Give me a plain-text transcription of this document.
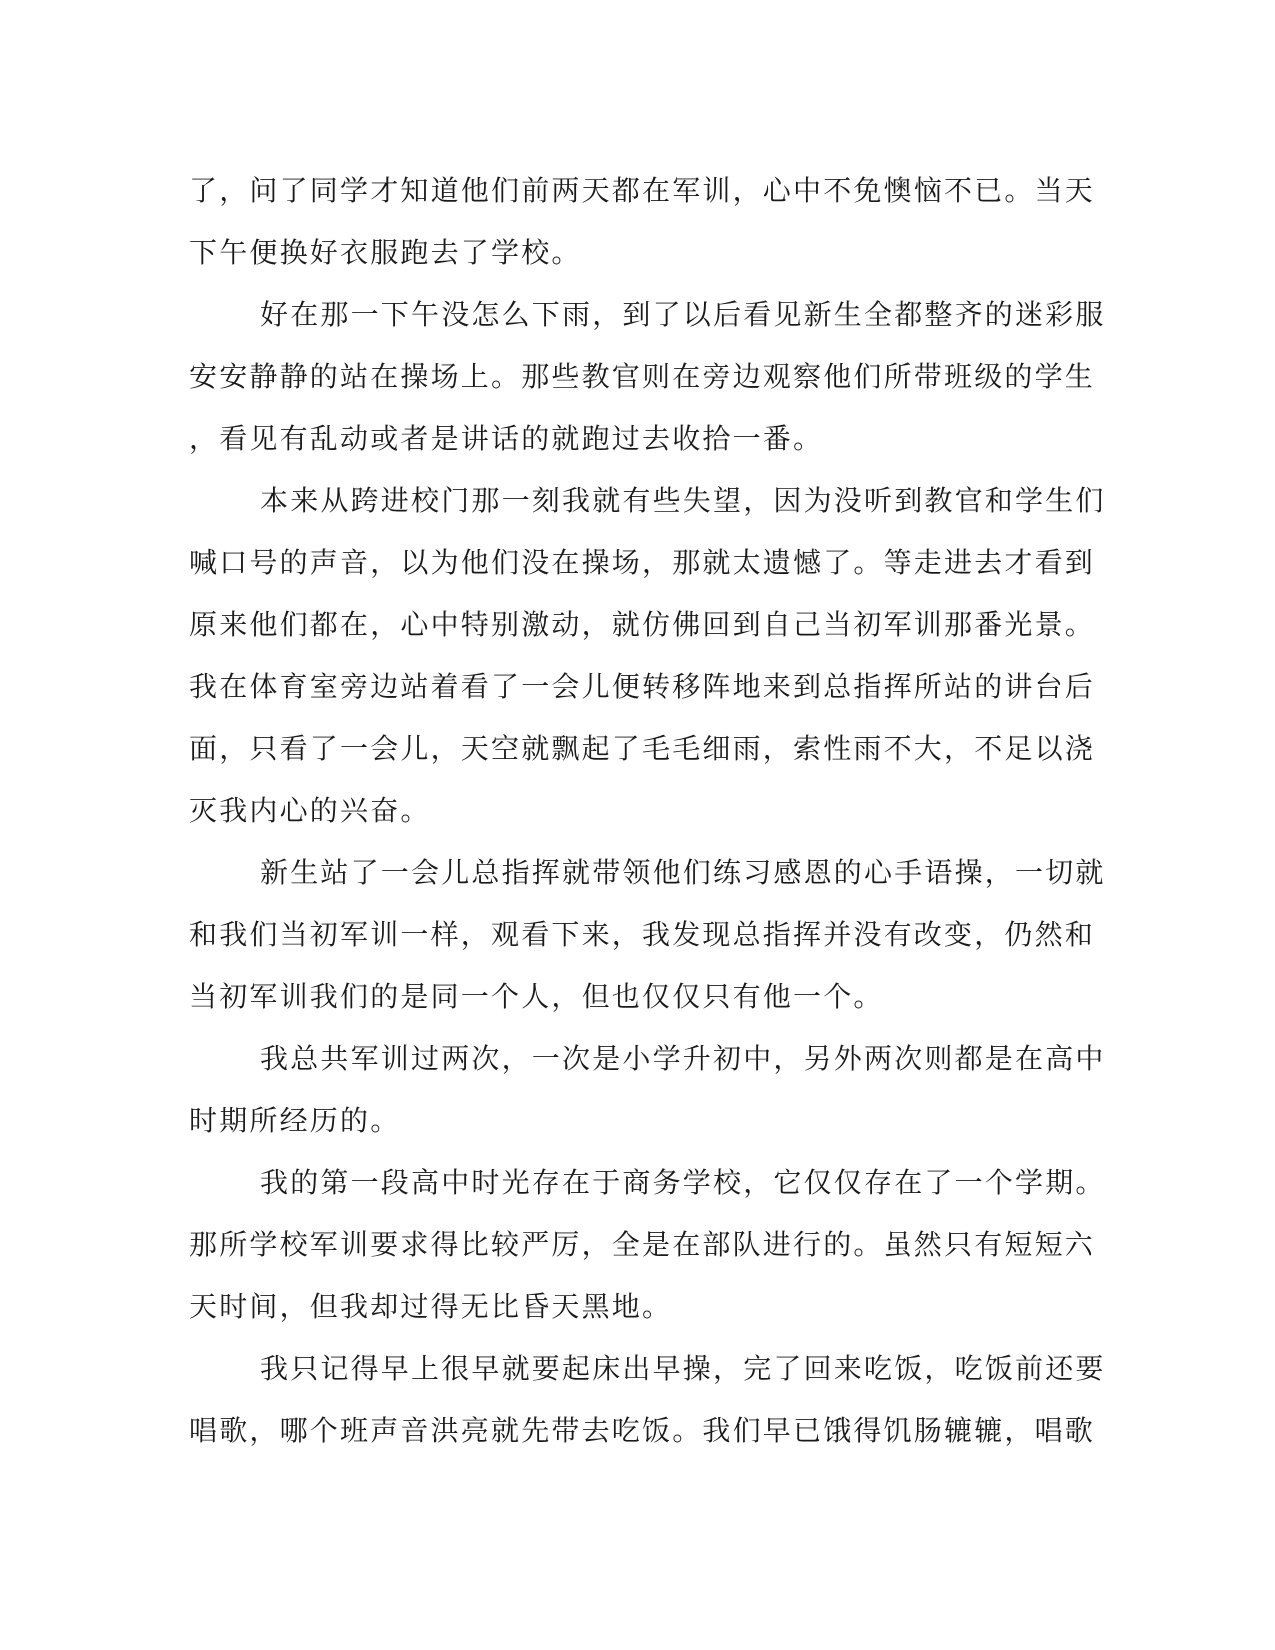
了，问了同学才知道他们前两天都在军训，心中不免懊恼不已。当天
下午便换好衣服跑去了学校。
好在那一下午没怎么下雨，到了以后看见新生全都整齐的迷彩服
安安静静的站在操场上。那些教官则在旁边观察他们所带班级的学生
，看见有乱动或者是讲话的就跑过去收拾一番。
本来从跨进校门那一刻我就有些失望，因为没听到教官和学生们
喊口号的声音，以为他们没在操场，那就太遗憾了。等走进去才看到
原来他们都在，心中特别激动，就仿佛回到自己当初军训那番光景。
我在体育室旁边站着看了一会儿便转移阵地来到总指挥所站的讲台后
面，只看了一会儿，天空就飘起了毛毛细雨，索性雨不大，不足以浇
灭我内心的兴奋。
新生站了一会儿总指挥就带领他们练习感恩的心手语操，一切就
和我们当初军训一样，观看下来，我发现总指挥并没有改变，仍然和
当初军训我们的是同一个人，但也仅仅只有他一个。
我总共军训过两次，一次是小学升初中，另外两次则都是在高中
时期所经历的。
我的第一段高中时光存在于商务学校，它仅仅存在了一个学期。
那所学校军训要求得比较严厉，全是在部队进行的。虽然只有短短六
天时间，但我却过得无比昏天黑地。
我只记得早上很早就要起床出早操，完了回来吃饭，吃饭前还要
唱歌，哪个班声音洪亮就先带去吃饭。我们早已饿得饥肠辘辘，唱歌
